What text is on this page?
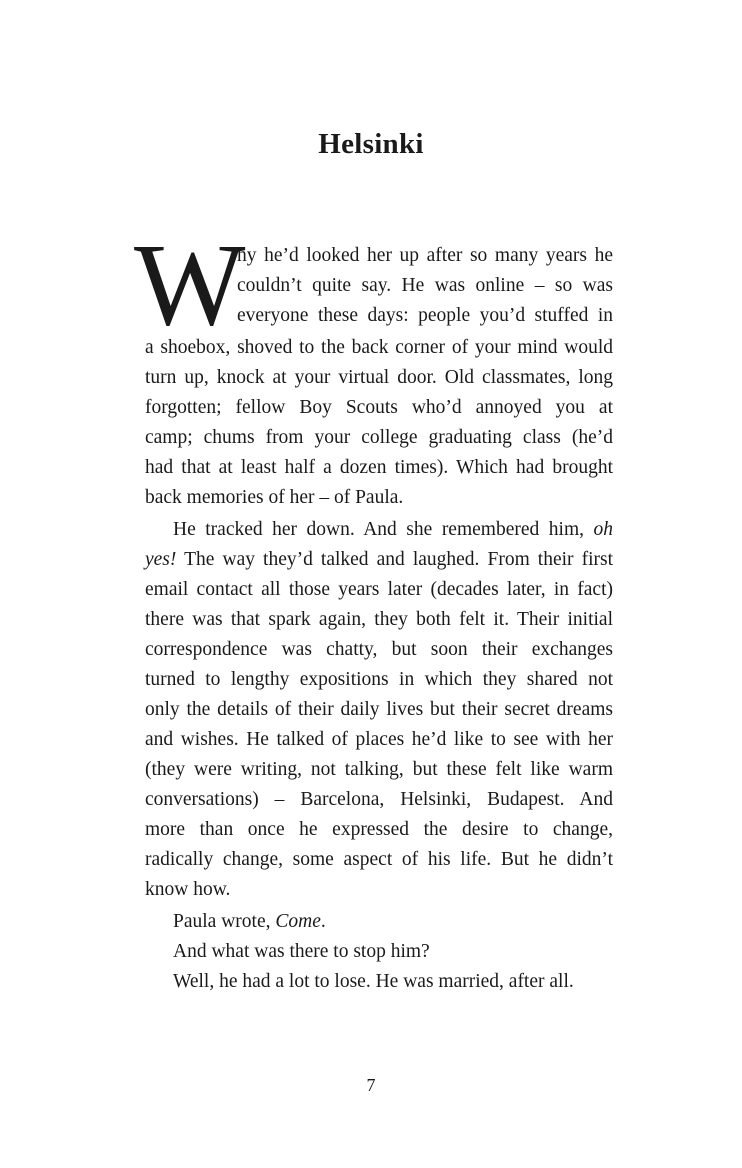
Helsinki
W
hy he’d looked her up after so many years he
couldn’t quite say. He was online – so was
everyone these days: people you’d stuffed in
a shoebox, shoved to the back corner of your mind would
turn up, knock at your virtual door. Old classmates, long
forgotten; fellow Boy Scouts who’d annoyed you at
camp; chums from your college graduating class (he’d
had that at least half a dozen times). Which had brought
back memories of her – of Paula.
He tracked her down. And she remembered him, oh
yes! The way they’d talked and laughed. From their first
email contact all those years later (decades later, in fact)
there was that spark again, they both felt it. Their initial
correspondence was chatty, but soon their exchanges
turned to lengthy expositions in which they shared not
only the details of their daily lives but their secret dreams
and wishes. He talked of places he’d like to see with her
(they were writing, not talking, but these felt like warm
conversations) – Barcelona, Helsinki, Budapest. And
more than once he expressed the desire to change,
radically change, some aspect of his life. But he didn’t
know how.
Paula wrote, Come.
And what was there to stop him?
Well, he had a lot to lose. He was married, after all.
7
